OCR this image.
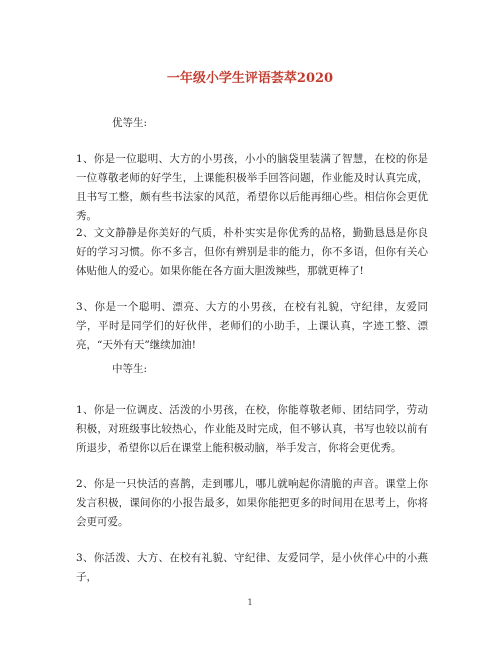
一年级小学生评语荟萃2020
优等生:
1、你是一位聪明、大方的小男孩，小小的脑袋里装满了智慧，在校的你是一位尊敬老师的好学生，上课能积极举手回答问题，作业能及时认真完成，且书写工整，颇有些书法家的风范，希望你以后能再细心些。相信你会更优秀。
2、文文静静是你美好的气质，朴朴实实是你优秀的品格，勤勤恳恳是你良好的学习习惯。你不多言，但你有辨别是非的能力，你不多语，但你有关心体贴他人的爱心。如果你能在各方面大胆泼辣些，那就更棒了!
3、你是一个聪明、漂亮、大方的小男孩，在校有礼貌，守纪律，友爱同学，平时是同学们的好伙伴，老师们的小助手，上课认真，字迹工整、漂亮，“天外有天”继续加油!
中等生:
1、你是一位调皮、活泼的小男孩，在校，你能尊敬老师、团结同学，劳动积极，对班级事比较热心，作业能及时完成，但不够认真，书写也较以前有所退步，希望你以后在课堂上能积极动脑，举手发言，你将会更优秀。
2、你是一只快活的喜鹊，走到哪儿，哪儿就响起你清脆的声音。课堂上你发言积极，课间你的小报告最多，如果你能把更多的时间用在思考上，你将会更可爱。
3、你活泼、大方、在校有礼貌、守纪律、友爱同学，是小伙伴心中的小燕子，
1
